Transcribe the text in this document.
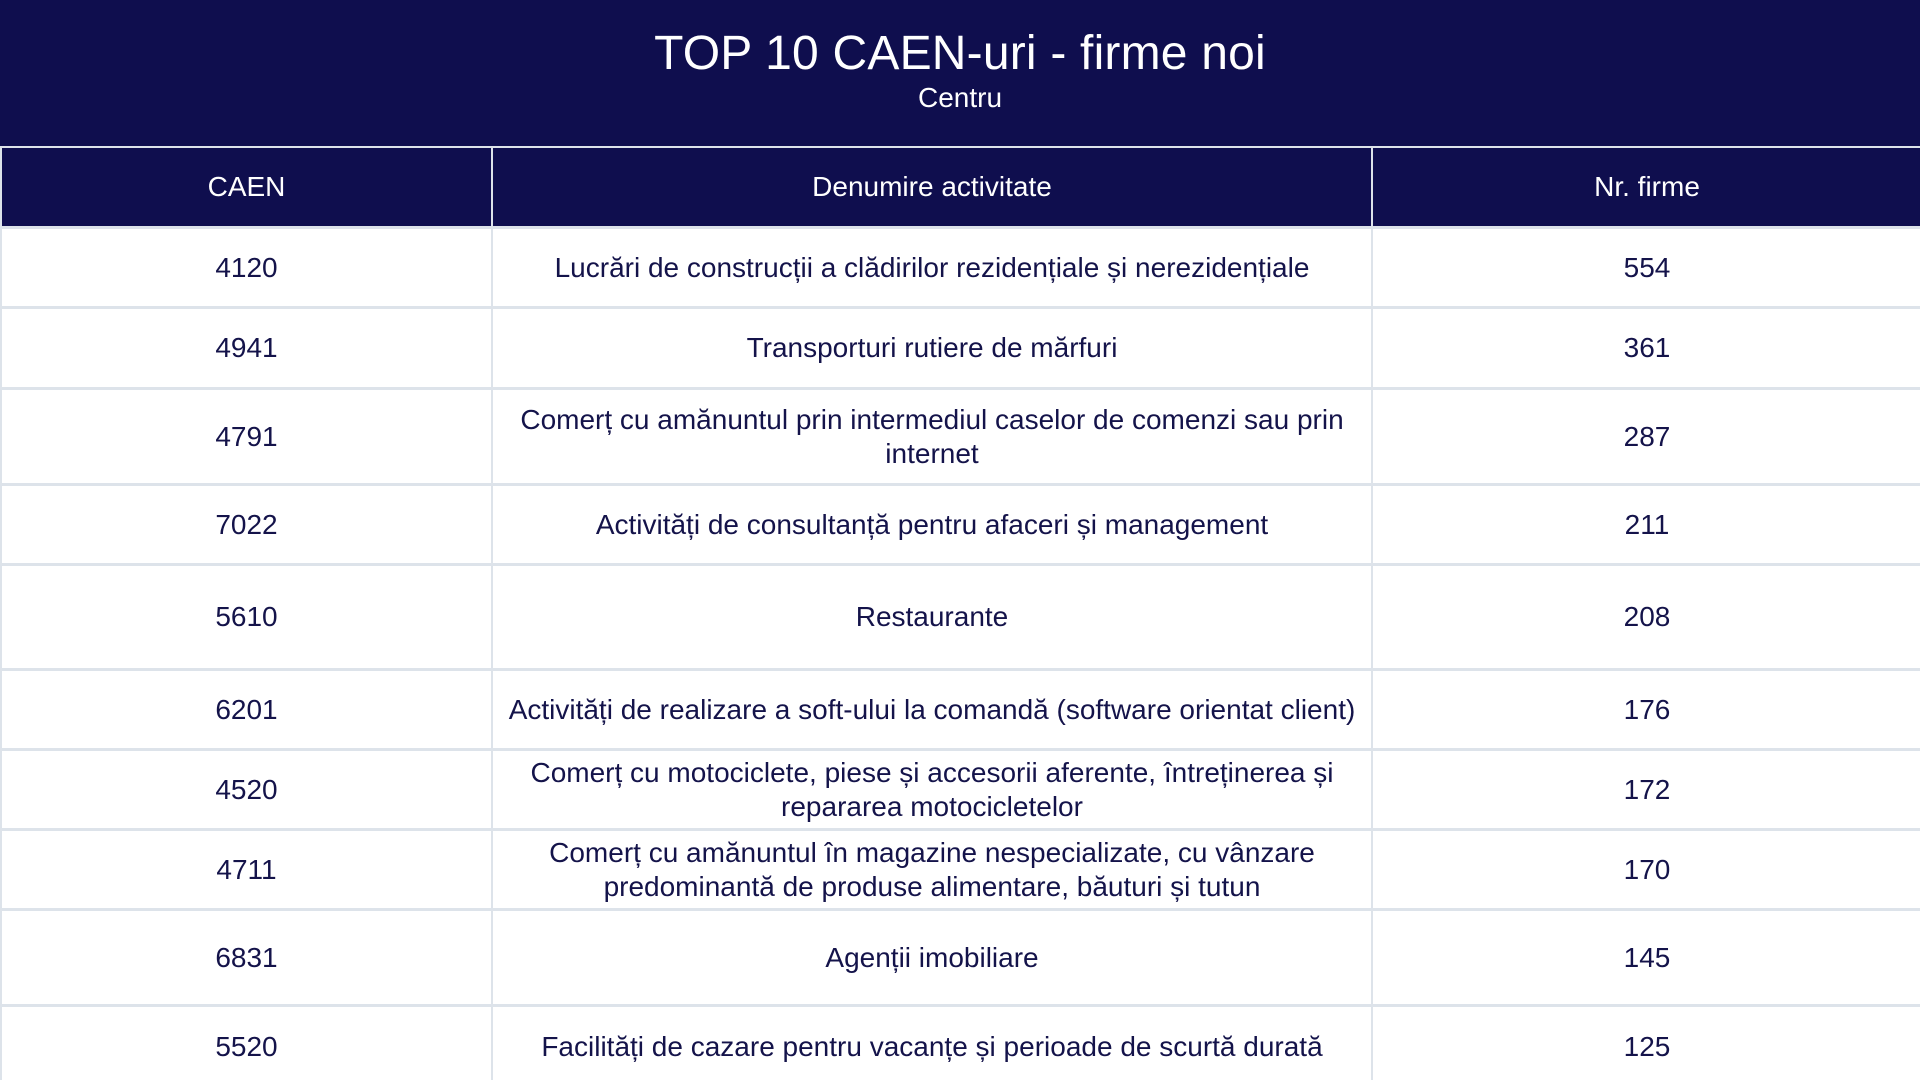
TOP 10 CAEN-uri - firme noi
Centru
CAEN	Denumire activitate	Nr. firme
4120	Lucrări de construcții a clădirilor rezidențiale și nerezidențiale	554
4941	Transporturi rutiere de mărfuri	361
4791	Comerț cu amănuntul prin intermediul caselor de comenzi sau prin internet	287
7022	Activități de consultanță pentru afaceri și management	211
5610	Restaurante	208
6201	Activități de realizare a soft-ului la comandă (software orientat client)	176
4520	Comerț cu motociclete, piese și accesorii aferente, întreținerea și repararea motocicletelor	172
4711	Comerț cu amănuntul în magazine nespecializate, cu vânzare predominantă de produse alimentare, băuturi și tutun	170
6831	Agenții imobiliare	145
5520	Facilități de cazare pentru vacanțe și perioade de scurtă durată	125
